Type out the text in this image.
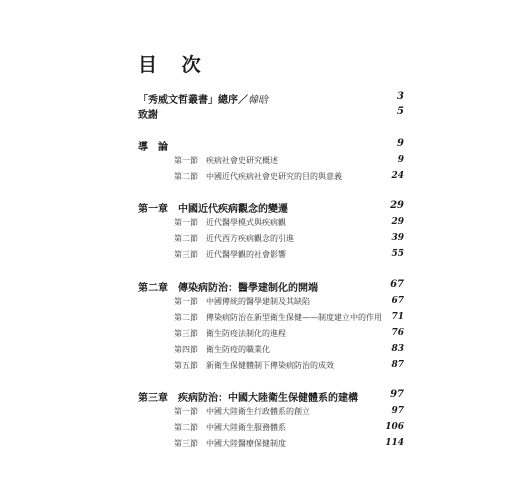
目 次
「秀威文哲叢書」總序／韓晗	3
致謝	5
導　論	9
第一節 疾病社會史研究概述	9
第二節 中國近代疾病社會史研究的目的與意義	24
第一章　中國近代疾病觀念的變遷	29
第一節 近代醫學模式與疾病觀	29
第二節 近代西方疾病觀念的引進	39
第三節 近代醫學觀的社會影響	55
第二章　傳染病防治：醫學建制化的開端	67
第一節 中國傳統的醫學建制及其缺陷	67
第二節 傳染病防治在新型衛生保健——制度建立中的作用 71
第三節 衛生防疫法制化的進程	76
第四節 衛生防疫的職業化	83
第五節 新衛生保健體制下傳染病防治的成效	87
第三章　疾病防治：中國大陸衛生保健體系的建構	97
第一節 中國大陸衛生行政體系的創立	97
第二節 中國大陸衛生服務體系	106
第三節 中國大陸醫療保健制度	114
